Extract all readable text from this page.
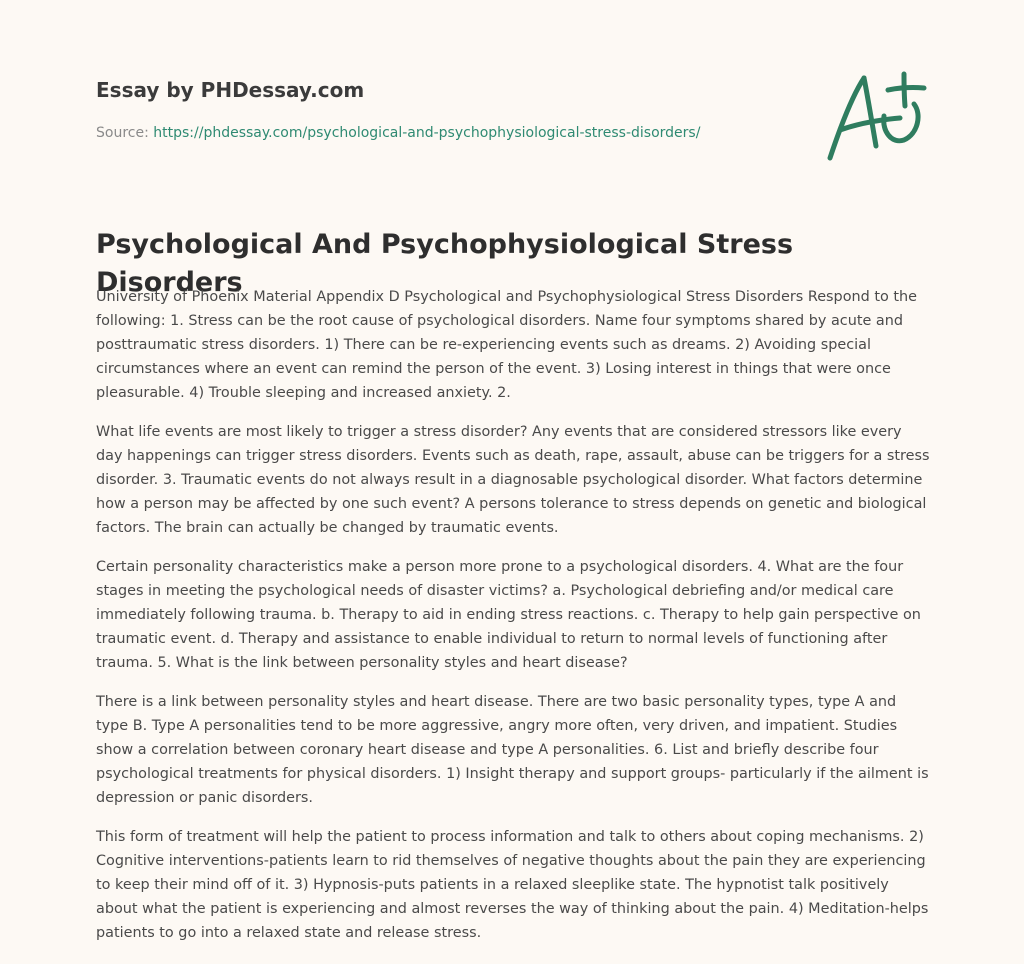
Essay by PHDessay.com
Source: https://phdessay.com/psychological-and-psychophysiological-stress-disorders/
Psychological And Psychophysiological Stress Disorders

University of Phoenix Material Appendix D Psychological and Psychophysiological Stress Disorders Respond to the following: 1. Stress can be the root cause of psychological disorders. Name four symptoms shared by acute and posttraumatic stress disorders. 1) There can be re-experiencing events such as dreams. 2) Avoiding special circumstances where an event can remind the person of the event. 3) Losing interest in things that were once pleasurable. 4) Trouble sleeping and increased anxiety. 2.

What life events are most likely to trigger a stress disorder? Any events that are considered stressors like every day happenings can trigger stress disorders. Events such as death, rape, assault, abuse can be triggers for a stress disorder. 3. Traumatic events do not always result in a diagnosable psychological disorder. What factors determine how a person may be affected by one such event? A persons tolerance to stress depends on genetic and biological factors. The brain can actually be changed by traumatic events.

Certain personality characteristics make a person more prone to a psychological disorders. 4. What are the four stages in meeting the psychological needs of disaster victims? a. Psychological debriefing and/or medical care immediately following trauma. b. Therapy to aid in ending stress reactions. c. Therapy to help gain perspective on traumatic event. d. Therapy and assistance to enable individual to return to normal levels of functioning after trauma. 5. What is the link between personality styles and heart disease?

There is a link between personality styles and heart disease. There are two basic personality types, type A and type B. Type A personalities tend to be more aggressive, angry more often, very driven, and impatient. Studies show a correlation between coronary heart disease and type A personalities. 6. List and briefly describe four psychological treatments for physical disorders. 1) Insight therapy and support groups- particularly if the ailment is depression or panic disorders.

This form of treatment will help the patient to process information and talk to others about coping mechanisms. 2) Cognitive interventions-patients learn to rid themselves of negative thoughts about the pain they are experiencing to keep their mind off of it. 3) Hypnosis-puts patients in a relaxed sleeplike state. The hypnotist talk positively about what the patient is experiencing and almost reverses the way of thinking about the pain. 4) Meditation-helps patients to go into a relaxed state and release stress.
